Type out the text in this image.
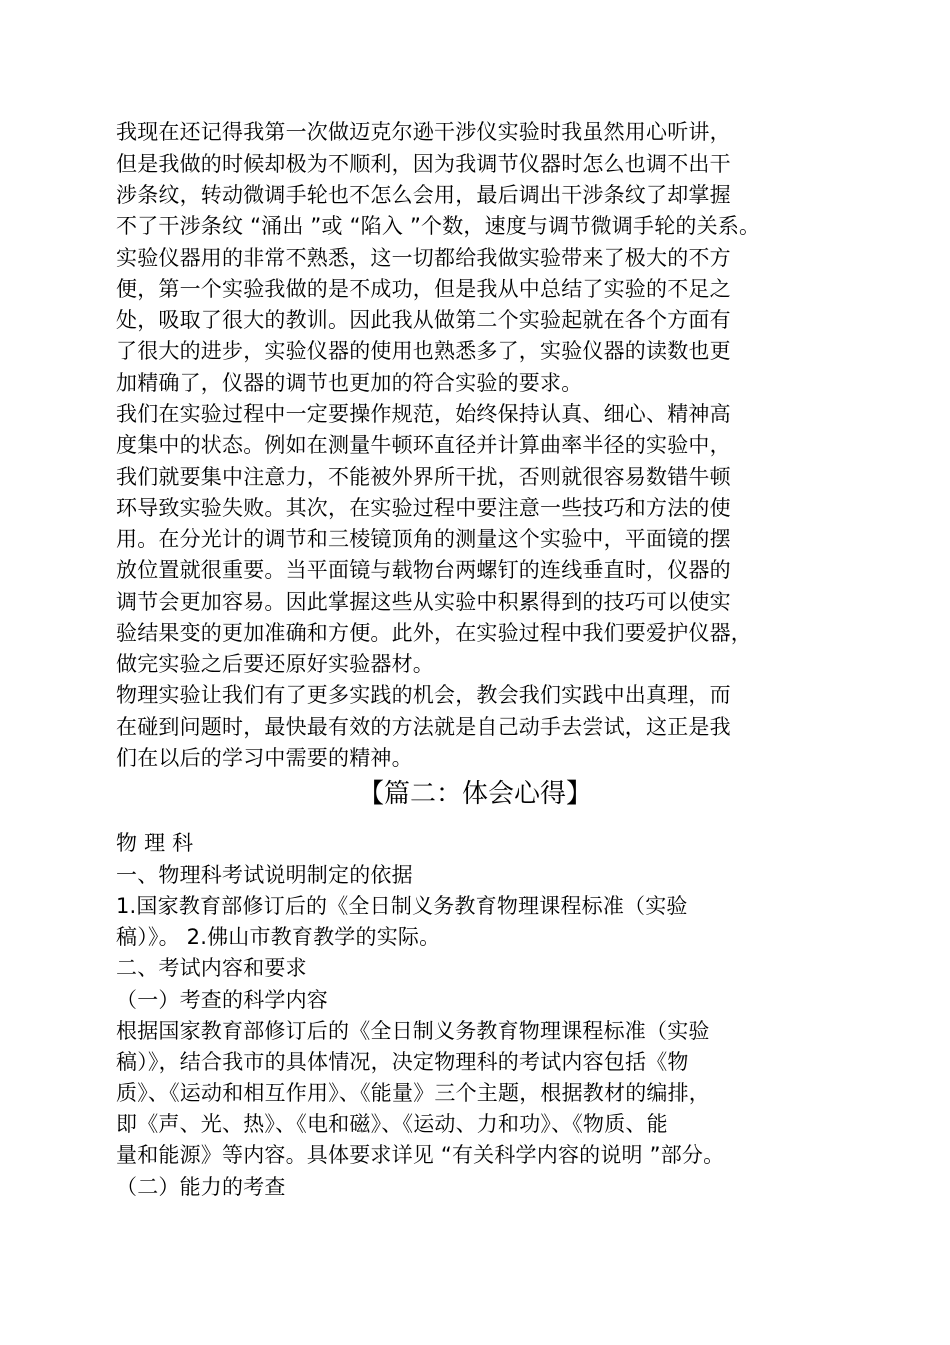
我现在还记得我第一次做迈克尔逊干涉仪实验时我虽然用心听讲，
但是我做的时候却极为不顺利，因为我调节仪器时怎么也调不出干
涉条纹，转动微调手轮也不怎么会用，最后调出干涉条纹了却掌握
不了干涉条纹 “涌出 ”或 “陷入 ”个数，速度与调节微调手轮的关系。
实验仪器用的非常不熟悉，这一切都给我做实验带来了极大的不方
便，第一个实验我做的是不成功，但是我从中总结了实验的不足之
处，吸取了很大的教训。因此我从做第二个实验起就在各个方面有
了很大的进步，实验仪器的使用也熟悉多了，实验仪器的读数也更
加精确了，仪器的调节也更加的符合实验的要求。
我们在实验过程中一定要操作规范，始终保持认真、细心、精神高
度集中的状态。例如在测量牛顿环直径并计算曲率半径的实验中，
我们就要集中注意力，不能被外界所干扰，否则就很容易数错牛顿
环导致实验失败。其次，在实验过程中要注意一些技巧和方法的使
用。在分光计的调节和三棱镜顶角的测量这个实验中，平面镜的摆
放位置就很重要。当平面镜与载物台两螺钉的连线垂直时，仪器的
调节会更加容易。因此掌握这些从实验中积累得到的技巧可以使实
验结果变的更加准确和方便。此外，在实验过程中我们要爱护仪器，
做完实验之后要还原好实验器材。
物理实验让我们有了更多实践的机会，教会我们实践中出真理，而
在碰到问题时，最快最有效的方法就是自己动手去尝试，这正是我
们在以后的学习中需要的精神。
【篇二：体会心得】
物 理 科
一、物理科考试说明制定的依据
1.国家教育部修订后的《全日制义务教育物理课程标准（实验
稿）》。 2.佛山市教育教学的实际。
二、考试内容和要求
（一）考查的科学内容
根据国家教育部修订后的《全日制义务教育物理课程标准（实验
稿）》，结合我市的具体情况，决定物理科的考试内容包括《物
质》、《运动和相互作用》、《能量》三个主题，根据教材的编排，
即《声、光、热》、《电和磁》、《运动、力和功》、《物质、能
量和能源》等内容。具体要求详见 “有关科学内容的说明 ”部分。
（二）能力的考查
